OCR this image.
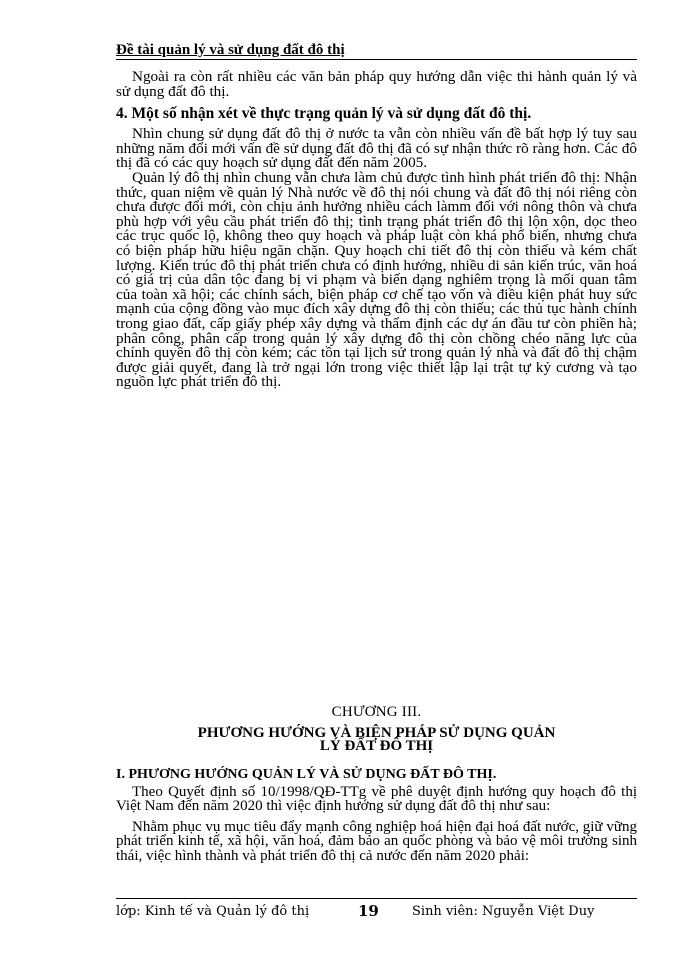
Đề tài quản lý và sử dụng đất đô thị

Ngoài ra còn rất nhiều các văn bản pháp quy hướng dẫn việc thi hành quản lý và sử dụng đất đô thị.

4. Một số nhận xét về thực trạng quản lý và sử dụng đất đô thị.

Nhìn chung sử dụng đất đô thị ở nước ta vẫn còn nhiều vấn đề bất hợp lý tuy sau những năm đổi mới vấn đề sử dụng đất đô thị đã có sự nhận thức rõ ràng hơn. Các đô thị đã có các quy hoạch sử dụng đất đến năm 2005.

Quản lý đô thị nhìn chung vẫn chưa làm chủ được tình hình phát triển đô thị: Nhận thức, quan niệm về quản lý Nhà nước về đô thị nói chung và đất đô thị nói riêng còn chưa được đổi mới, còn chịu ảnh hưởng nhiều cách làmm đối với nông thôn và chưa phù hợp với yêu cầu phát triển đô thị; tình trạng phát triển đô thị lộn xộn, dọc theo các trục quốc lộ, không theo quy hoạch và pháp luật còn khá phổ biến, nhưng chưa có biện pháp hữu hiệu ngăn chặn. Quy hoạch chi tiết đô thị còn thiếu và kém chất lượng. Kiến trúc đô thị phát triển chưa có định hướng, nhiều di sản kiến trúc, văn hoá có giá trị của dân tộc đang bị vi phạm và biến dạng nghiêm trọng là mối quan tâm của toàn xã hội; các chính sách, biện pháp cơ chế tạo vốn và điều kiện phát huy sức mạnh của cộng đồng vào mục đích xây dựng đô thị còn thiếu; các thủ tục hành chính trong giao đất, cấp giấy phép xây dựng và thẩm định các dự án đầu tư còn phiền hà; phân công, phân cấp trong quản lý xây dựng đô thị còn chồng chéo năng lực của chính quyền đô thị còn kém; các tồn tại lịch sử trong quản lý nhà và đất đô thị chậm được giải quyết, đang là trở ngại lớn trong việc thiết lập lại trật tự kỷ cương và tạo nguồn lực phát triển đô thị.

CHƯƠNG III.
PHƯƠNG HƯỚNG VÀ BIỆN PHÁP SỬ DỤNG QUẢN
LÝ ĐẤT ĐÔ THỊ
I. PHƯƠNG HƯỚNG QUẢN LÝ VÀ SỬ DỤNG ĐẤT ĐÔ THỊ.

Theo Quyết định số 10/1998/QĐ-TTg về phê duyệt định hướng quy hoạch đô thị Việt Nam đến năm 2020 thì việc định hướng sử dụng đất đô thị như sau:

Nhằm phục vụ mục tiêu đẩy mạnh công nghiệp hoá hiện đại hoá đất nước, giữ vững phát triển kinh tế, xã hội, văn hoá, đảm bảo an quốc phòng và bảo vệ môi trường sinh thái, việc hình thành và phát triển đô thị cả nước đến năm 2020 phải:

lớp: Kinh tế và Quản lý đô thị	19	Sinh viên: Nguyễn Việt Duy
